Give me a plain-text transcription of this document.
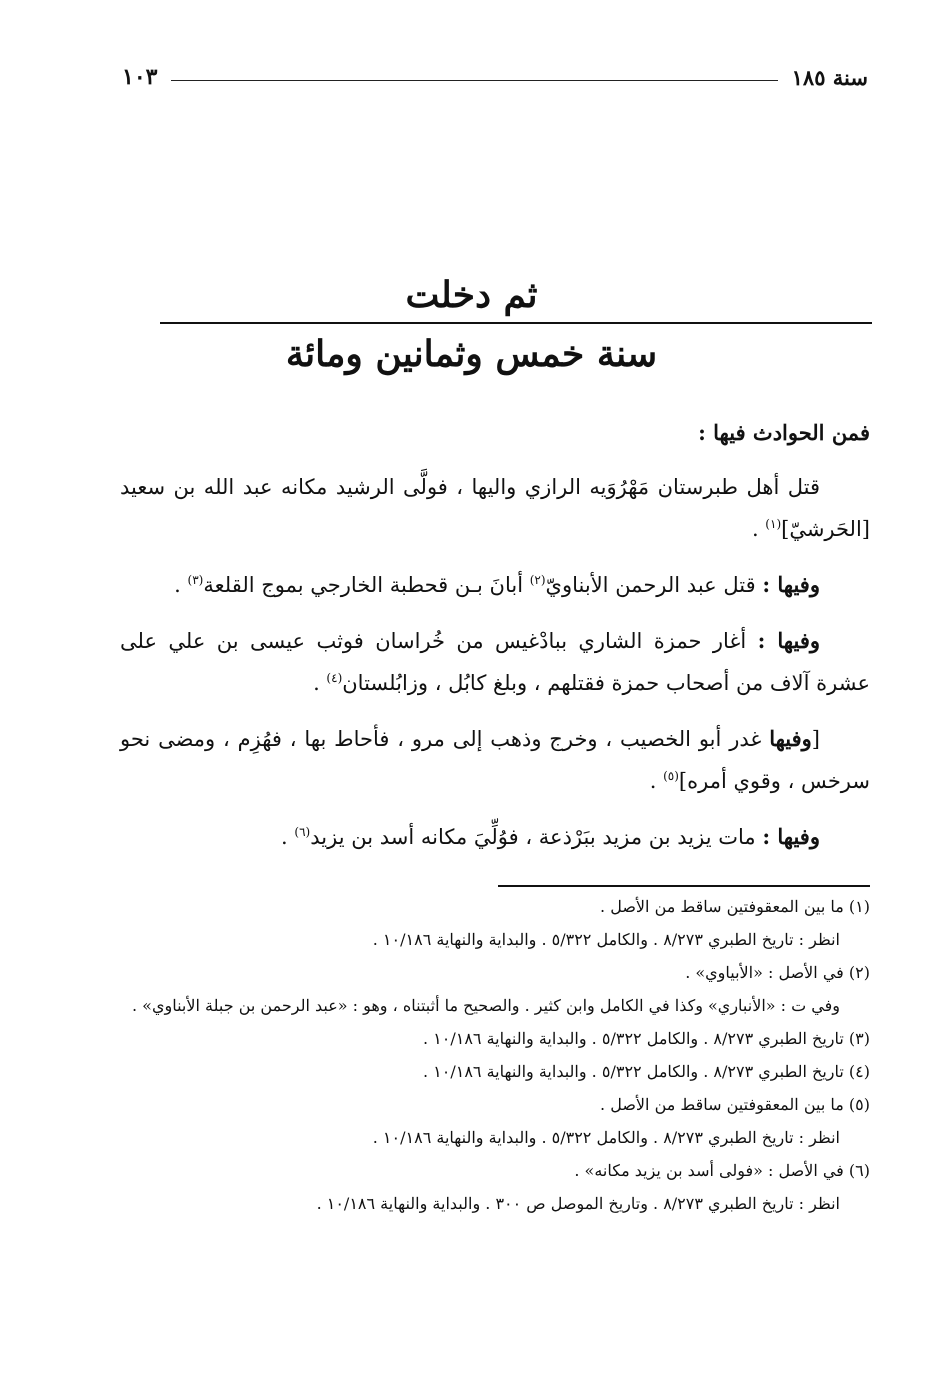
سنة ١٨٥
١٠٣
ثم دخلت
سنة خمس وثمانين ومائة

فمن الحوادث فيها :

قتل أهل طبرستان مَهْرُوَيه الرازي واليها ، فولَّى الرشيد مكانه عبد الله بن سعيد [الحَرشيّ]$^{(١)}$ .

وفيها : قتل عبد الرحمن الأبناويّ$^{(٢)}$ أبانَ بـن قحطبة الخارجي بموج القلعة$^{(٣)}$ .

وفيها : أغار حمزة الشاري ببادْغيس من خُراسان فوثب عيسى بن علي على عشرة آلاف من أصحاب حمزة فقتلهم ، وبلغ كابُل ، وزابُلستان$^{(٤)}$ .

[وفيها غدر أبو الخصيب ، وخرج وذهب إلى مرو ، فأحاط بها ، فهُزِم ، ومضى نحو سرخس ، وقوي أمره]$^{(٥)}$ .

وفيها : مات يزيد بن مزيد ببَرْذعة ، فوُلِّيَ مكانه أسد بن يزيد$^{(٦)}$ .

(١) ما بين المعقوفتين ساقط من الأصل .

انظر : تاريخ الطبري ٨/٢٧٣ . والكامل ٥/٣٢٢ . والبداية والنهاية ١٠/١٨٦ .

(٢) في الأصل : «الأبياوي» .

وفي ت : «الأنباري» وكذا في الكامل وابن كثير . والصحيح ما أثبتناه ، وهو : «عبد الرحمن بن جبلة الأبناوي» .

(٣) تاريخ الطبري ٨/٢٧٣ . والكامل ٥/٣٢٢ . والبداية والنهاية ١٠/١٨٦ .

(٤) تاريخ الطبري ٨/٢٧٣ . والكامل ٥/٣٢٢ . والبداية والنهاية ١٠/١٨٦ .

(٥) ما بين المعقوفتين ساقط من الأصل .

انظر : تاريخ الطبري ٨/٢٧٣ . والكامل ٥/٣٢٢ . والبداية والنهاية ١٠/١٨٦ .

(٦) في الأصل : «فولى أسد بن يزيد مكانه» .

انظر : تاريخ الطبري ٨/٢٧٣ . وتاريخ الموصل ص ٣٠٠ . والبداية والنهاية ١٠/١٨٦ .
